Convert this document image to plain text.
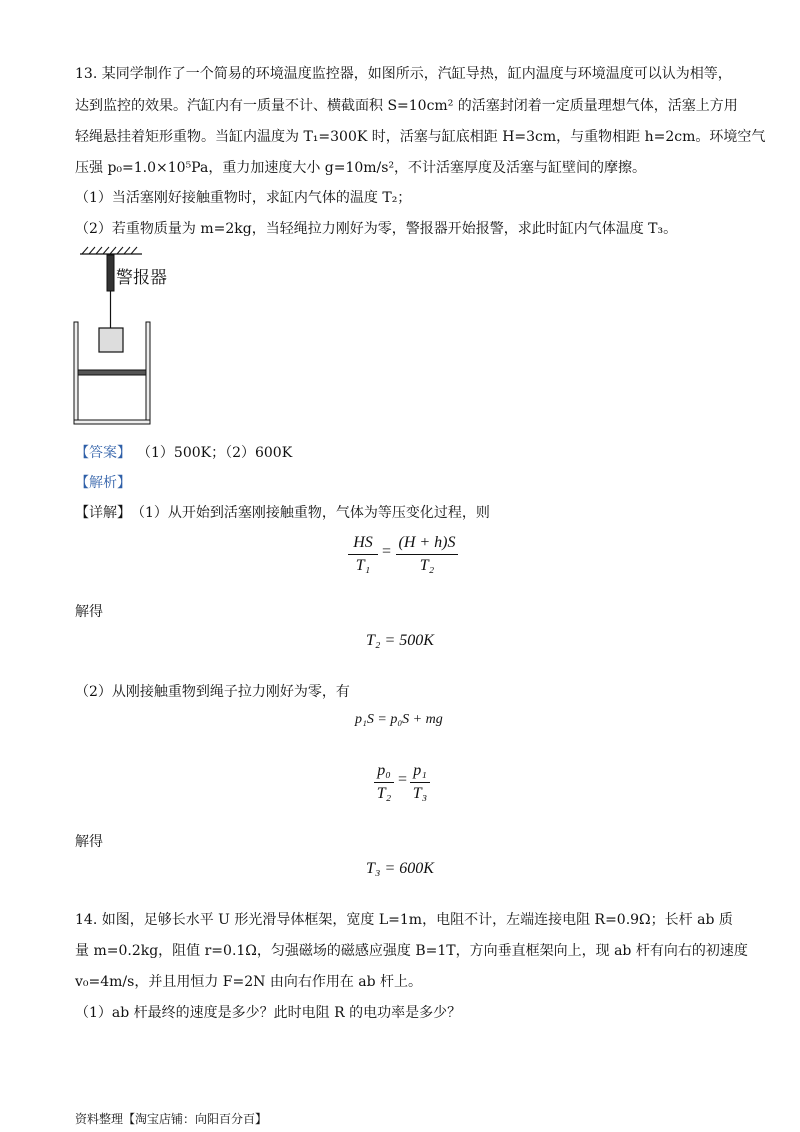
13. 某同学制作了一个简易的环境温度监控器，如图所示，汽缸导热，缸内温度与环境温度可以认为相等，
达到监控的效果。汽缸内有一质量不计、横截面积 S=10cm² 的活塞封闭着一定质量理想气体，活塞上方用
轻绳悬挂着矩形重物。当缸内温度为 T₁=300K 时，活塞与缸底相距 H=3cm，与重物相距 h=2cm。环境空气
压强 p₀=1.0×10⁵Pa，重力加速度大小 g=10m/s²，不计活塞厚度及活塞与缸壁间的摩擦。
（1）当活塞刚好接触重物时，求缸内气体的温度 T₂；
（2）若重物质量为 m=2kg，当轻绳拉力刚好为零，警报器开始报警，求此时缸内气体温度 T₃。
警报器
【答案】 （1）500K；（2）600K
【解析】
【详解】 （1）从开始到活塞刚接触重物，气体为等压变化过程，则
HS
T₁
=
(H + h)S
T₂
解得
T₂ = 500K
（2）从刚接触重物到绳子拉力刚好为零，有
p₁S = p₀S + mg
p₀
T₂
=
p₁
T₃
解得
T₃ = 600K
14. 如图，足够长水平 U 形光滑导体框架，宽度 L=1m，电阻不计，左端连接电阻 R=0.9Ω；长杆 ab 质
量 m=0.2kg，阻值 r=0.1Ω，匀强磁场的磁感应强度 B=1T，方向垂直框架向上，现 ab 杆有向右的初速度
v₀=4m/s，并且用恒力 F=2N 由向右作用在 ab 杆上。
（1）ab 杆最终的速度是多少？此时电阻 R 的电功率是多少？
资料整理【淘宝店铺：向阳百分百】
